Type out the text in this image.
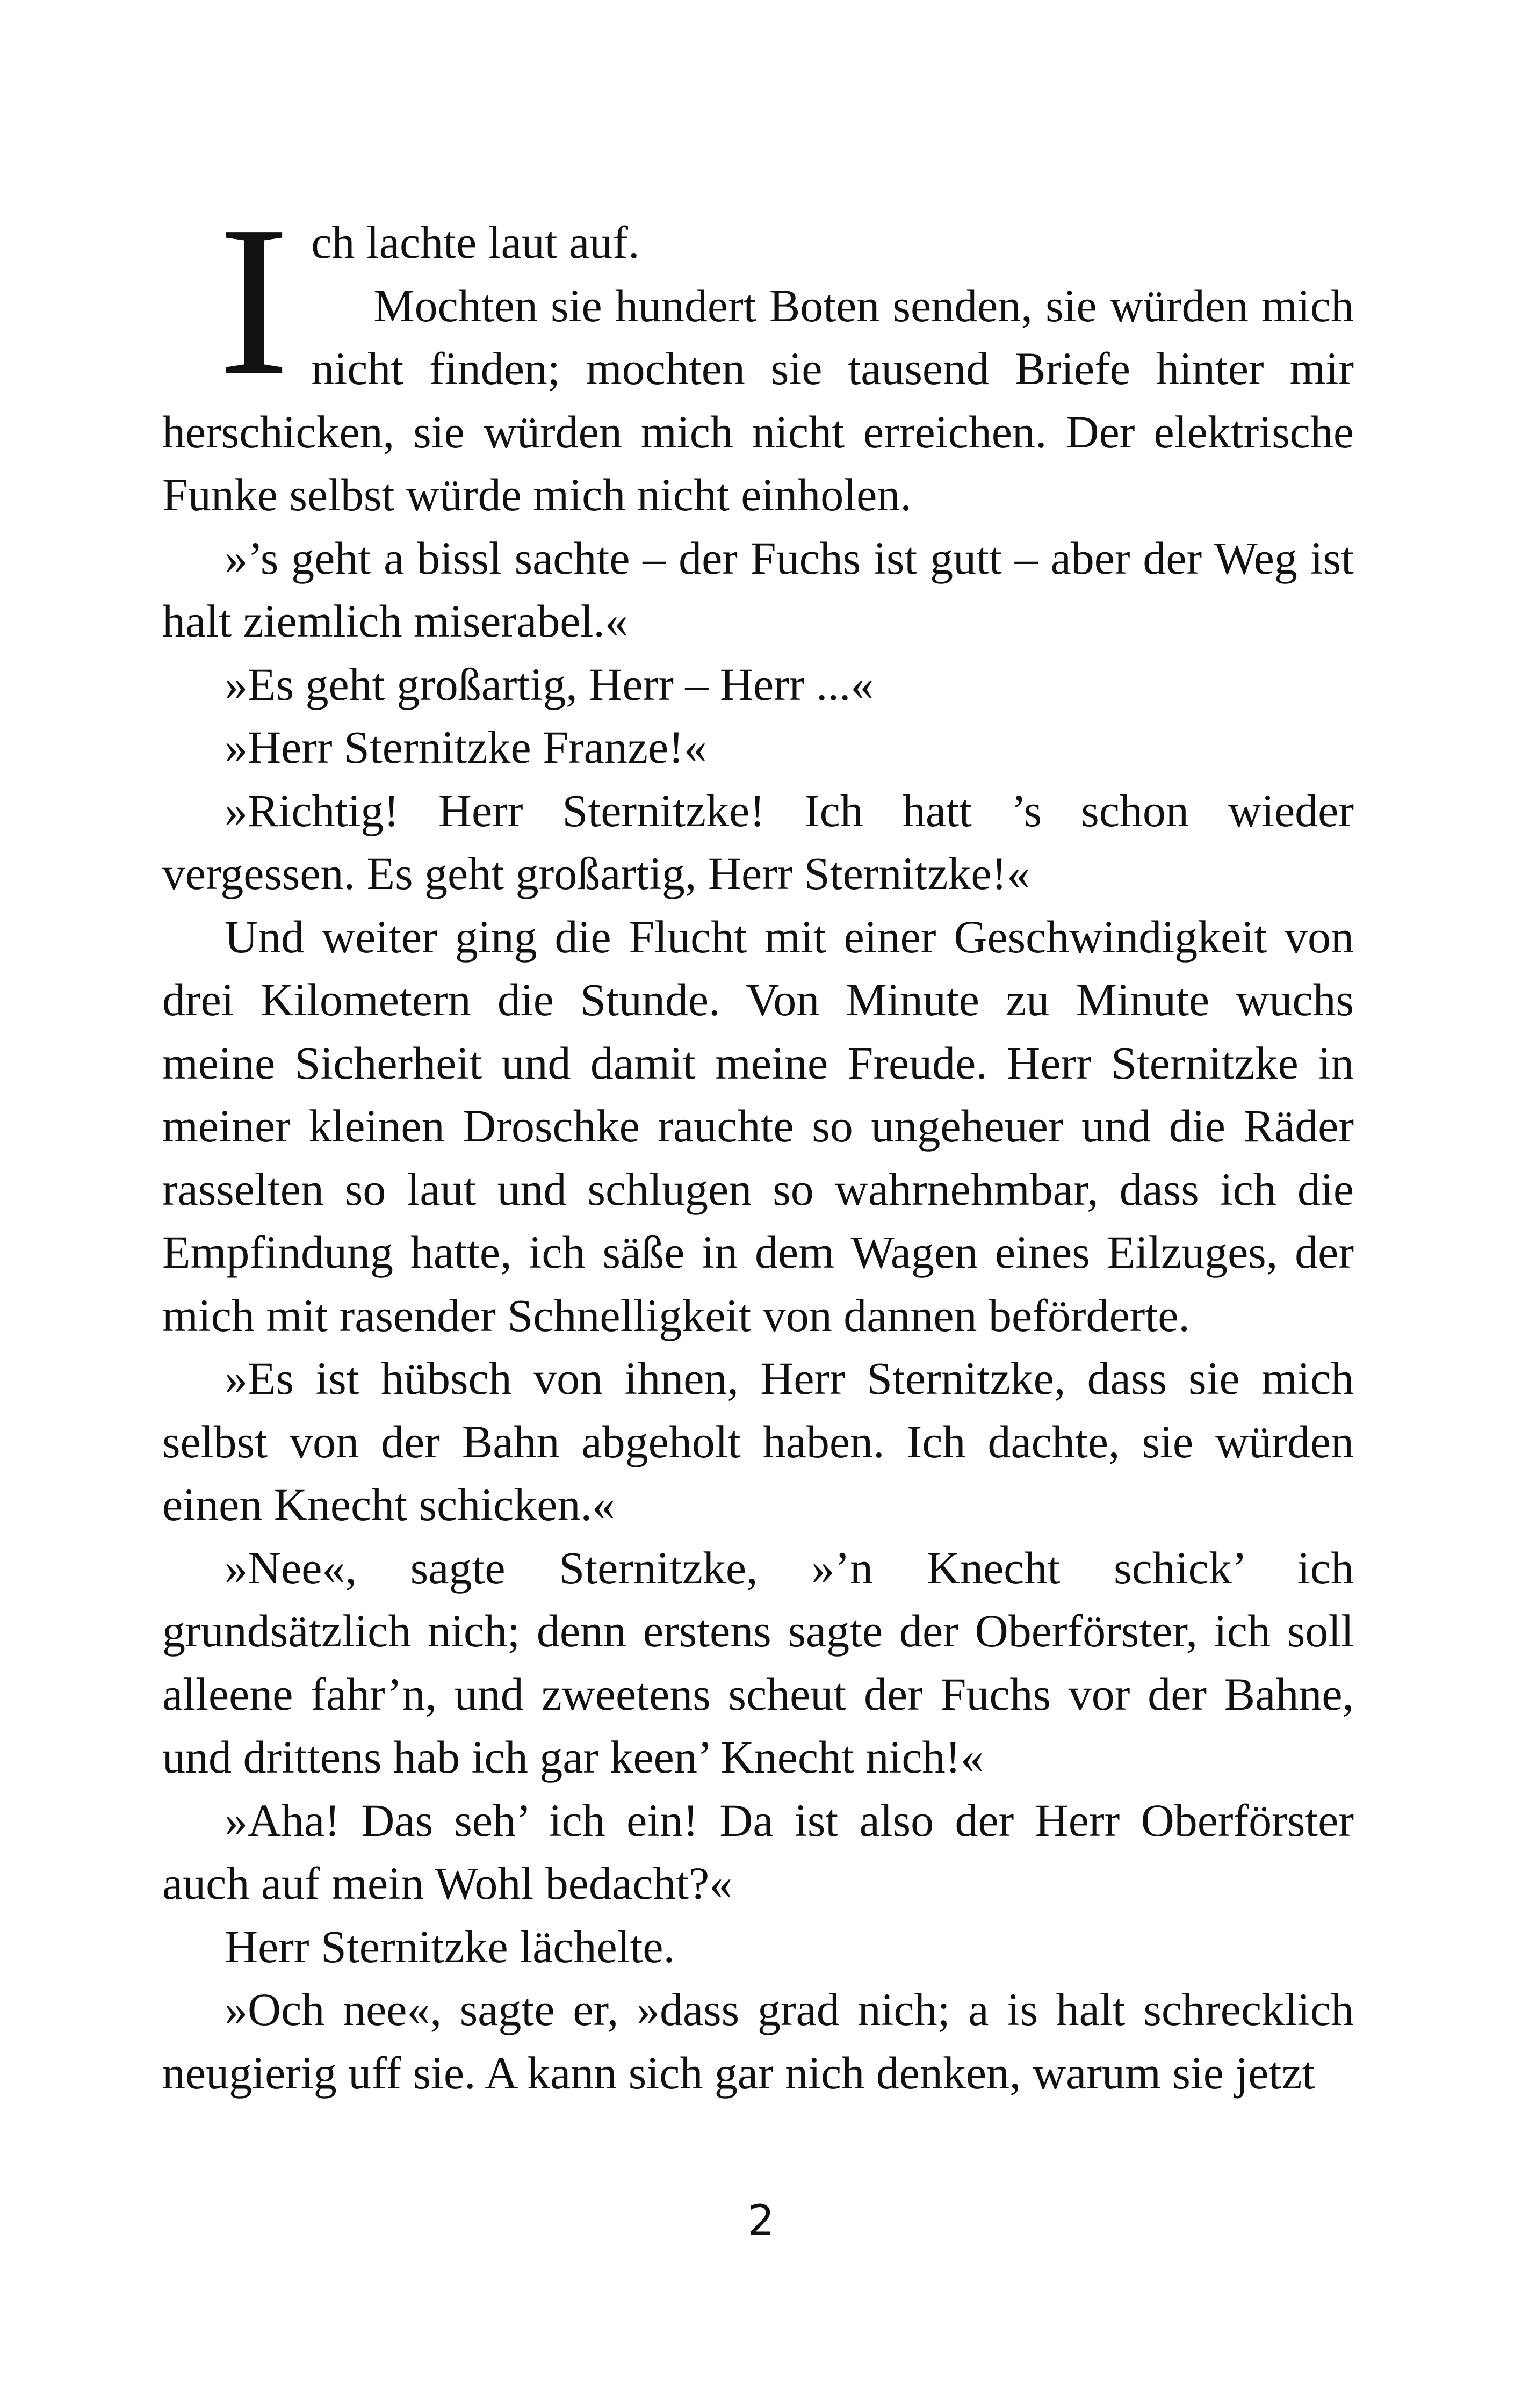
Ich lachte laut auf.

Mochten sie hundert Boten senden, sie würden mich nicht finden; mochten sie tausend Briefe hinter mir herschicken, sie würden mich nicht erreichen. Der elektrische Funke selbst würde mich nicht einholen.

»’s geht a bissl sachte – der Fuchs ist gutt – aber der Weg ist halt ziemlich miserabel.«

»Es geht großartig, Herr – Herr ...«

»Herr Sternitzke Franze!«

»Richtig! Herr Sternitzke! Ich hatt ’s schon wieder vergessen. Es geht großartig, Herr Sternitzke!«

Und weiter ging die Flucht mit einer Geschwindigkeit von drei Kilometern die Stunde. Von Minute zu Minute wuchs meine Sicherheit und damit meine Freude. Herr Sternitzke in meiner kleinen Droschke rauchte so ungeheuer und die Räder rasselten so laut und schlugen so wahrnehmbar, dass ich die Empfindung hatte, ich säße in dem Wagen eines Eilzuges, der mich mit rasender Schnelligkeit von dannen beförderte.

»Es ist hübsch von ihnen, Herr Sternitzke, dass sie mich selbst von der Bahn abgeholt haben. Ich dachte, sie würden einen Knecht schicken.«

»Nee«, sagte Sternitzke, »’n Knecht schick’ ich grundsätzlich nich; denn erstens sagte der Oberförster, ich soll alleene fahr’n, und zweetens scheut der Fuchs vor der Bahne, und drittens hab ich gar keen’ Knecht nich!«

»Aha! Das seh’ ich ein! Da ist also der Herr Oberförster auch auf mein Wohl bedacht?«

Herr Sternitzke lächelte.

»Och nee«, sagte er, »dass grad nich; a is halt schrecklich neugierig uff sie. A kann sich gar nich denken, warum sie jetzt

2
